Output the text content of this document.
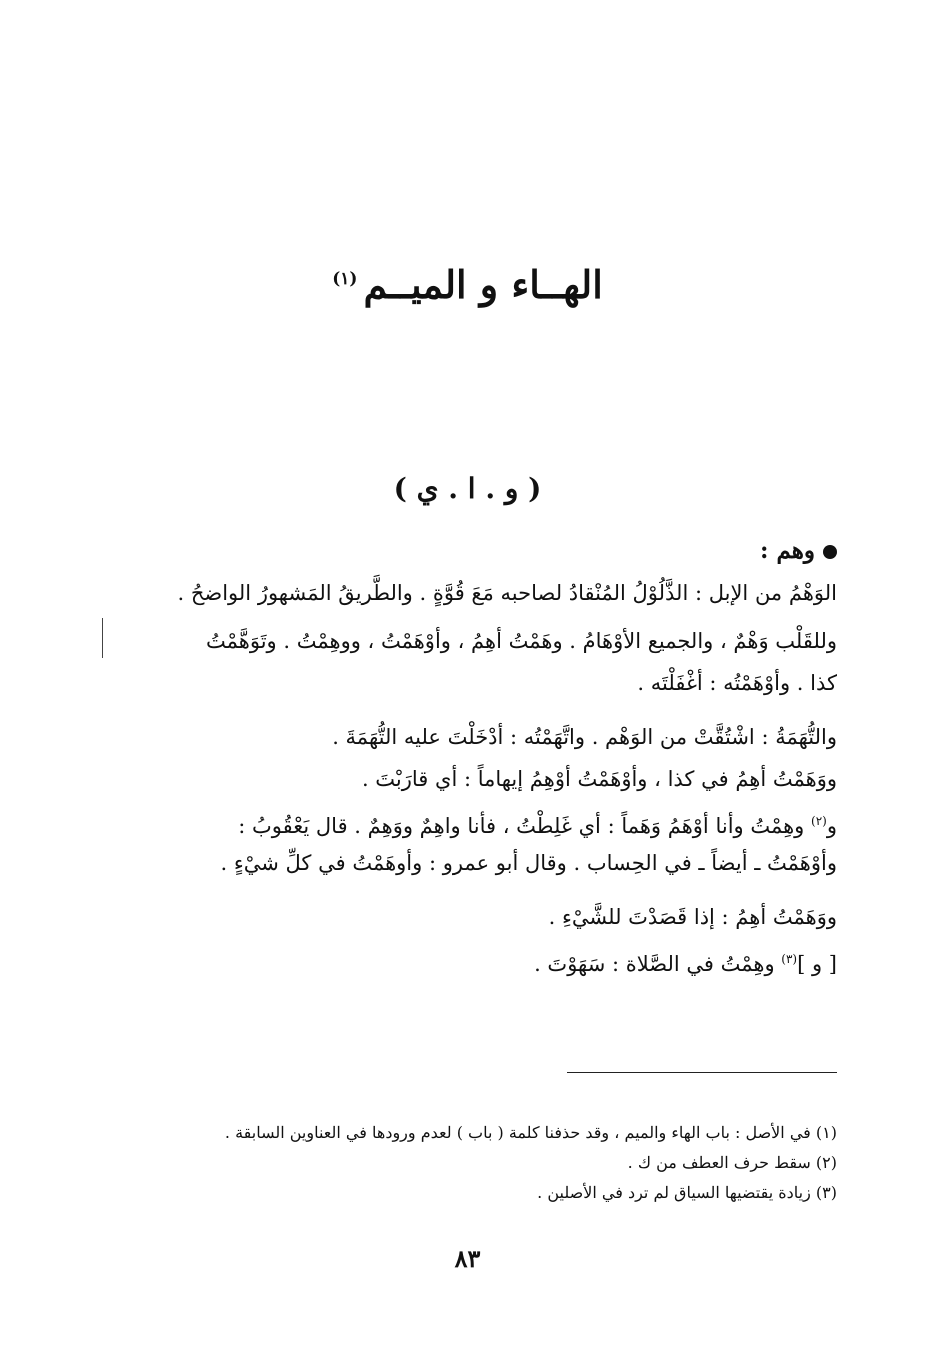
الهــاء و الميــم$^{(١)}$
( و . ا . ي )
وهم :
الوَهْمُ من الإبل : الذَّلُوْلُ المُنْقادُ لصاحبه مَعَ قُوَّةٍ . والطَّريقُ المَشهورُ الواضحُ .
وللقَلْب وَهْمٌ ، والجميع الأوْهَامُ . وهَمْتُ أهِمُ ، وأوْهَمْتُ ، ووهِمْتُ . وتَوَهَّمْتُ
كذا . وأوْهَمْتُه : أغْفَلْتَه .
والتُّهَمَةُ : اشْتُقَّتْ من الوَهْم . واتَّهَمْتُه : أدْخَلْتَ عليه التُّهَمَةَ .
ووَهَمْتُ أهِمُ في كذا ، وأوْهَمْتُ أوْهِمُ إيهاماً : أي قارَبْتَ .
و$^{(٢)}$ وهِمْتُ وأنا أوْهَمُ وَهَماً : أي غَلِطْتُ ، فأنا واهِمٌ ووَهِمٌ . قال يَعْقُوبُ :
وأوْهَمْتُ ـ أيضاً ـ في الحِساب . وقال أبو عمرو : وأوهَمْتُ في كلِّ شيْءٍ .
ووَهَمْتُ أهِمُ : إذا قَصَدْتَ للشَّيْءِ .
[ و ]$^{(٣)}$ وهِمْتُ في الصَّلاة : سَهَوْتَ .
(١) في الأصل : باب الهاء والميم ، وقد حذفنا كلمة ( باب ) لعدم ورودها في العناوين السابقة .
(٢) سقط حرف العطف من ك .
(٣) زيادة يقتضيها السياق لم ترد في الأصلين .
٨٣
